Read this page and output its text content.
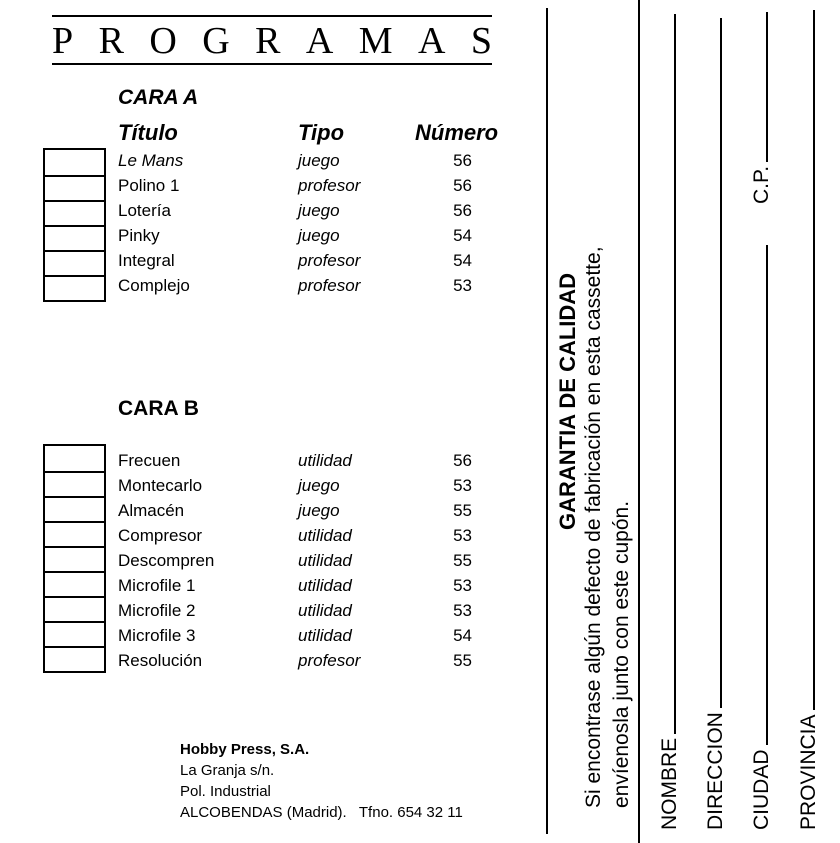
P R O G R A M A S
CARA A
Título	Tipo	Número
Le Mans	juego	56
Polino 1	profesor	56
Lotería	juego	56
Pinky	juego	54
Integral	profesor	54
Complejo	profesor	53
CARA B
Frecuen	utilidad	56
Montecarlo	juego	53
Almacén	juego	55
Compresor	utilidad	53
Descompren	utilidad	55
Microfile 1	utilidad	53
Microfile 2	utilidad	53
Microfile 3	utilidad	54
Resolución	profesor	55
Hobby Press, S.A.
La Granja s/n.
Pol. Industrial
ALCOBENDAS (Madrid). Tfno. 654 32 11
GARANTIA DE CALIDAD Si encontrase algún defecto de fabricación en esta cassette, envíenosla junto con este cupón. NOMBRE DIRECCION CIUDAD
C.P.
PROVINCIA
